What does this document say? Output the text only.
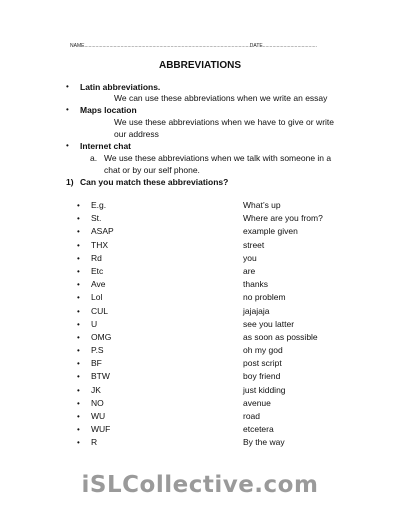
NAME.......................................................................................................................DATE.......................................
ABBREVIATIONS
• Latin abbreviations.
We can use these abbreviations when we write an essay
• Maps location
We use these abbreviations when we have to give or write our address
• Internet chat
a. We use these abbreviations when we talk with someone in a chat or by our self phone.
1) Can you match these abbreviations?
• E.g.	What’s up
• St.	Where are you from?
• ASAP	example given
• THX	street
• Rd	you
• Etc	are
• Ave	thanks
• Lol	no problem
• CUL	jajajaja
• U	see you latter
• OMG	as soon as possible
• P.S	oh my god
• BF	post script
• BTW	boy friend
• JK	just kidding
• NO	avenue
• WU	road
• WUF	etcetera
• R	By the way
iSLCollective.com
